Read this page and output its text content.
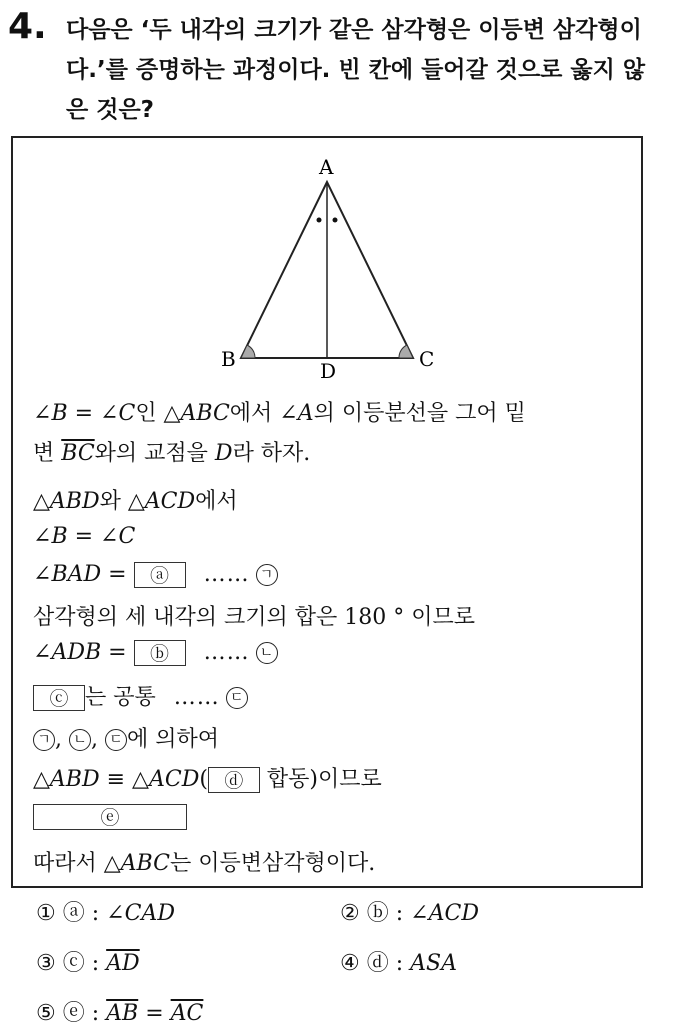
4. 다음은 ‘두 내각의 크기가 같은 삼각형은 이등변 삼각형이다.’를 증명하는 과정이다. 빈 칸에 들어갈 것으로 옳지 않은 것은?
A
B	C
D
∠B = ∠C인 △ABC에서 ∠A의 이등분선을 그어 밑
변 $\overline{BC}$와의 교점을 D라 하자.
△ABD와 △ACD에서
∠B = ∠C
∠BAD = ⓐ …… ㄱ
삼각형의 세 내각의 크기의 합은 180 ° 이므로
∠ADB = ⓑ …… ㄴ
ⓒ 는 공통 …… ㄷ
ㄱ , ㄴ , ㄷ 에 의하여
△ABD ≡ △ACD( ⓓ 합동)이므로
ⓔ
따라서 △ABC는 이등변삼각형이다.
① ⓐ : ∠CAD	② ⓑ : ∠ACD
③ ⓒ : $\overline{AD}$	④ ⓓ : ASA
⑤ ⓔ : $\overline{AB} = \overline{AC}$
